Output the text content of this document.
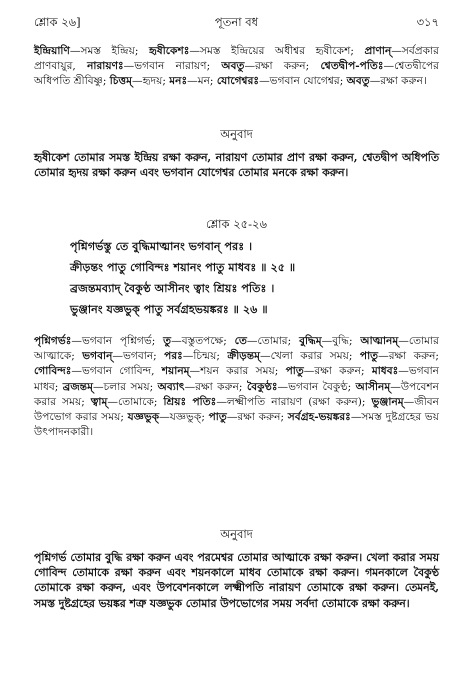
শ্লোক ২৬]	পূতনা বধ	৩১৭
ইন্দ্রিয়াণি—সমস্ত ইন্দ্রিয়; হৃষীকেশঃ—সমস্ত ইন্দ্রিয়ের অধীশ্বর হৃষীকেশ; প্রাণান্—সর্বপ্রকার প্রাণবায়ুর, নারায়ণঃ—ভগবান নারায়ণ; অবতু—রক্ষা করুন; শ্বেতদ্বীপ-পতিঃ—শ্বেতদ্বীপের অধিপতি শ্রীবিষ্ণু; চিত্তম্—হৃদয়; মনঃ—মন; যোগেশ্বরঃ—ভগবান যোগেশ্বর; অবতু—রক্ষা করুন।
অনুবাদ
হৃষীকেশ তোমার সমস্ত ইন্দ্রিয় রক্ষা করুন, নারায়ণ তোমার প্রাণ রক্ষা করুন, শ্বেতদ্বীপ অধিপতি তোমার হৃদয় রক্ষা করুন এবং ভগবান যোগেশ্বর তোমার মনকে রক্ষা করুন।
শ্লোক ২৫-২৬

পৃশ্নিগর্ভস্তু তে বুদ্ধিমাত্মানং ভগবান্ পরঃ ।

ক্রীড়ন্তং পাতু গোবিন্দঃ শয়ানং পাতু মাধবঃ ॥ ২৫ ॥

ব্রজন্তমব্যাদ্ বৈকুণ্ঠ আসীনং ত্বাং শ্রিয়ঃ পতিঃ ।

ভুঞ্জানং যজ্ঞভুক্ পাতু সর্বগ্রহভয়ঙ্করঃ ॥ ২৬ ॥

পৃশ্নিগর্ভঃ—ভগবান পৃশ্নিগর্ভ; তু—বস্তুতপক্ষে; তে—তোমার; বুদ্ধিম্—বুদ্ধি; আত্মানম্—তোমার আত্মাকে; ভগবান্—ভগবান; পরঃ—চিন্ময়; ক্রীড়ন্তম্—খেলা করার সময়; পাতু—রক্ষা করুন; গোবিন্দঃ—ভগবান গোবিন্দ, শয়ানম্—শয়ন করার সময়; পাতু—রক্ষা করুন; মাধবঃ—ভগবান মাধব; ব্রজন্তম্—চলার সময়; অব্যাৎ—রক্ষা করুন; বৈকুণ্ঠঃ—ভগবান বৈকুণ্ঠ; আসীনম্—উপবেশন করার সময়; ত্বাম্—তোমাকে; শ্রিয়ঃ পতিঃ—লক্ষ্মীপতি নারায়ণ (রক্ষা করুন); ভুঞ্জানম্—জীবন উপভোগ করার সময়; যজ্ঞভুক্—যজ্ঞভুক্; পাতু—রক্ষা করুন; সর্বগ্রহ-ভয়ঙ্করঃ—সমস্ত দুষ্টগ্রহের ভয় উৎপাদনকারী।
অনুবাদ
পৃশ্নিগর্ভ তোমার বুদ্ধি রক্ষা করুন এবং পরমেশ্বর তোমার আত্মাকে রক্ষা করুন। খেলা করার সময় গোবিন্দ তোমাকে রক্ষা করুন এবং শয়নকালে মাধব তোমাকে রক্ষা করুন। গমনকালে বৈকুণ্ঠ তোমাকে রক্ষা করুন, এবং উপবেশনকালে লক্ষ্মীপতি নারায়ণ তোমাকে রক্ষা করুন। তেমনই, সমস্ত দুষ্টগ্রহের ভয়ঙ্কর শত্রু যজ্ঞভুক তোমার উপভোগের সময় সর্বদা তোমাকে রক্ষা করুন।
